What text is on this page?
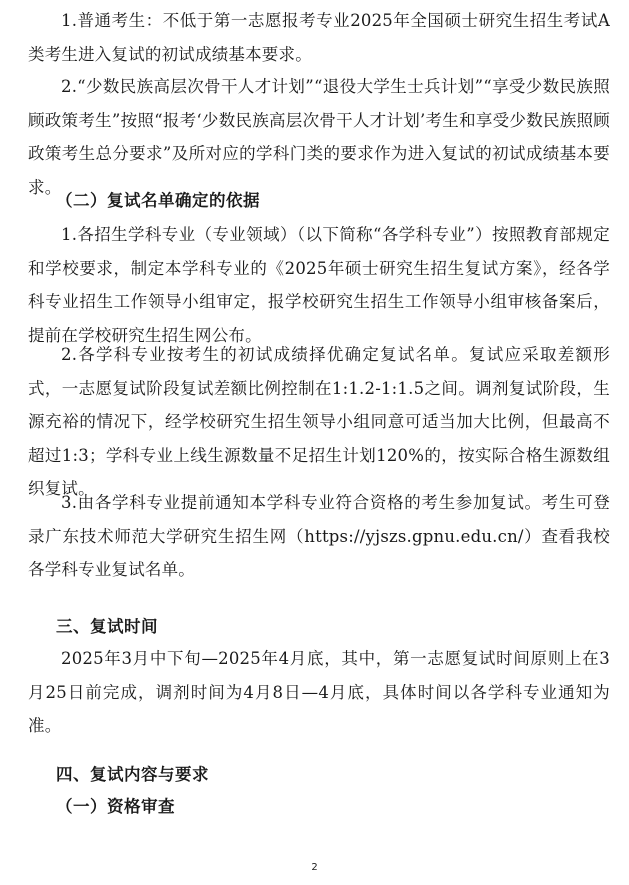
1.普通考生：不低于第一志愿报考专业2025年全国硕士研究生招生考试A类考生进入复试的初试成绩基本要求。

2.“少数民族高层次骨干人才计划”“退役大学生士兵计划”“享受少数民族照顾政策考生”按照“报考‘少数民族高层次骨干人才计划’考生和享受少数民族照顾政策考生总分要求”及所对应的学科门类的要求作为进入复试的初试成绩基本要求。

（二）复试名单确定的依据

1.各招生学科专业（专业领域）（以下简称“各学科专业”）按照教育部规定和学校要求，制定本学科专业的《2025年硕士研究生招生复试方案》，经各学科专业招生工作领导小组审定，报学校研究生招生工作领导小组审核备案后，提前在学校研究生招生网公布。

2.各学科专业按考生的初试成绩择优确定复试名单。复试应采取差额形式，一志愿复试阶段复试差额比例控制在1:1.2-1:1.5之间。调剂复试阶段，生源充裕的情况下，经学校研究生招生领导小组同意可适当加大比例，但最高不超过1:3；学科专业上线生源数量不足招生计划120%的，按实际合格生源数组织复试。

3.由各学科专业提前通知本学科专业符合资格的考生参加复试。考生可登录广东技术师范大学研究生招生网（https://yjszs.gpnu.edu.cn/）查看我校各学科专业复试名单。

三、复试时间

2025年3月中下旬—2025年4月底，其中，第一志愿复试时间原则上在3月25日前完成，调剂时间为4月8日—4月底，具体时间以各学科专业通知为准。

四、复试内容与要求
（一）资格审查
2
